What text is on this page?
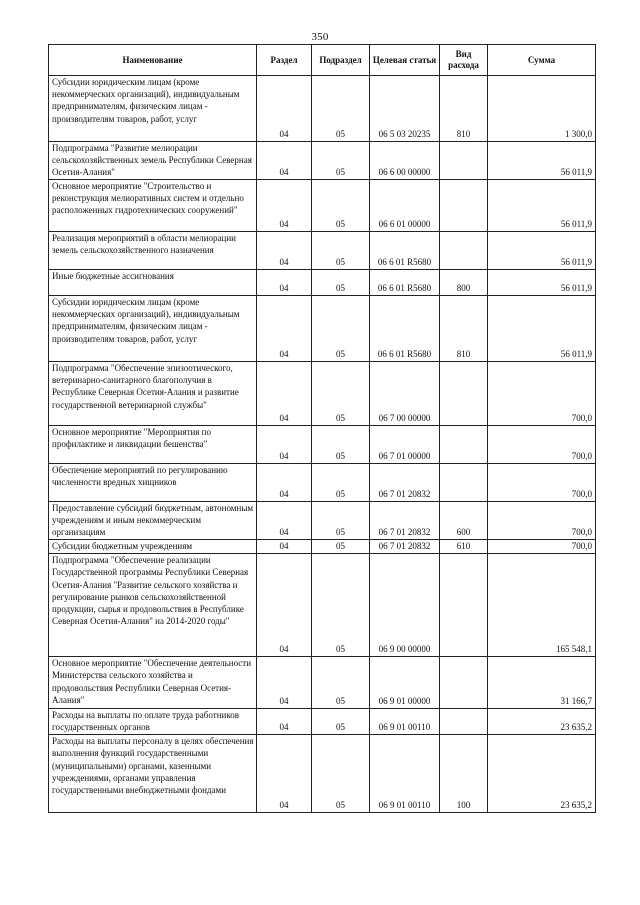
350
Наименование	Раздел	Подраздел	Целевая статья	Вид расхода	Сумма
Субсидии юридическим лицам (кроме некоммерческих организаций), индивидуальным предпринимателям, физическим лицам - производителям товаров, работ, услуг	04	05	06 5 03 20235	810	1 300,0
Подпрограмма "Развитие мелиорации сельскохозяйственных земель Республики Северная Осетия-Алания"	04	05	06 6 00 00000		56 011,9
Основное мероприятие "Строительство и реконструкция мелиоративных систем и отдельно расположенных гидротехнических сооружений"	04	05	06 6 01 00000		56 011,9
Реализация мероприятий в области мелиорации земель сельскохозяйственного назначения	04	05	06 6 01 R5680		56 011,9
Иные бюджетные ассигнования	04	05	06 6 01 R5680	800	56 011,9
Субсидии юридическим лицам (кроме некоммерческих организаций), индивидуальным предпринимателям, физическим лицам - производителям товаров, работ, услуг	04	05	06 6 01 R5680	810	56 011,9
Подпрограмма "Обеспечение эпизоотического, ветеринарно-санитарного благополучия в Республике Северная Осетия-Алания и развитие государственной ветеринарной службы"	04	05	06 7 00 00000		700,0
Основное мероприятие "Мероприятия по профилактике и ликвидации бешенства"	04	05	06 7 01 00000		700,0
Обеспечение мероприятий по регулированию численности вредных хищников	04	05	06 7 01 20832		700,0
Предоставление субсидий бюджетным, автономным учреждениям и иным некоммерческим организациям	04	05	06 7 01 20832	600	700,0
Субсидии бюджетным учреждениям	04	05	06 7 01 20832	610	700,0
Подпрограмма "Обеспечение реализации Государственной программы Республики Северная Осетия-Алания "Развитие сельского хозяйства и регулирование рынков сельскохозяйственной продукции, сырья и продовольствия в Республике Северная Осетия-Алания" на 2014-2020 годы"	04	05	06 9 00 00000		165 548,1
Основное мероприятие "Обеспечение деятельности Министерства сельского хозяйства и продовольствия Республики Северная Осетия-Алания"	04	05	06 9 01 00000		31 166,7
Расходы на выплаты по оплате труда работников государственных органов	04	05	06 9 01 00110		23 635,2
Расходы на выплаты персоналу в целях обеспечения выполнения функций государственными (муниципальными) органами, казенными учреждениями, органами управления государственными внебюджетными фондами	04	05	06 9 01 00110	100	23 635,2
